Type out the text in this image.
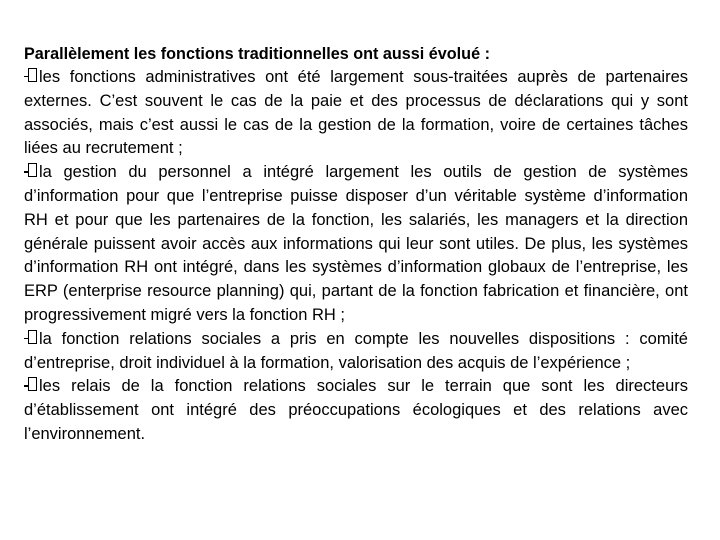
Parallèlement les fonctions traditionnelles ont aussi évolué :

les fonctions administratives ont été largement sous-traitées auprès de partenaires externes. C’est souvent le cas de la paie et des processus de déclarations qui y sont associés, mais c’est aussi le cas de la gestion de la formation, voire de certaines tâches liées au recrutement ;

la gestion du personnel a intégré largement les outils de gestion de systèmes d’information pour que l’entreprise puisse disposer d’un véritable système d’information RH et pour que les partenaires de la fonction, les salariés, les managers et la direction générale puissent avoir accès aux informations qui leur sont utiles. De plus, les systèmes d’information RH ont intégré, dans les systèmes d’information globaux de l’entreprise, les ERP (enterprise resource planning) qui, partant de la fonction fabrication et financière, ont progressivement migré vers la fonction RH ;

la fonction relations sociales a pris en compte les nouvelles dispositions : comité d’entreprise, droit individuel à la formation, valorisation des acquis de l’expérience ;

les relais de la fonction relations sociales sur le terrain que sont les directeurs d’établissement ont intégré des préoccupations écologiques et des relations avec l’environnement.
